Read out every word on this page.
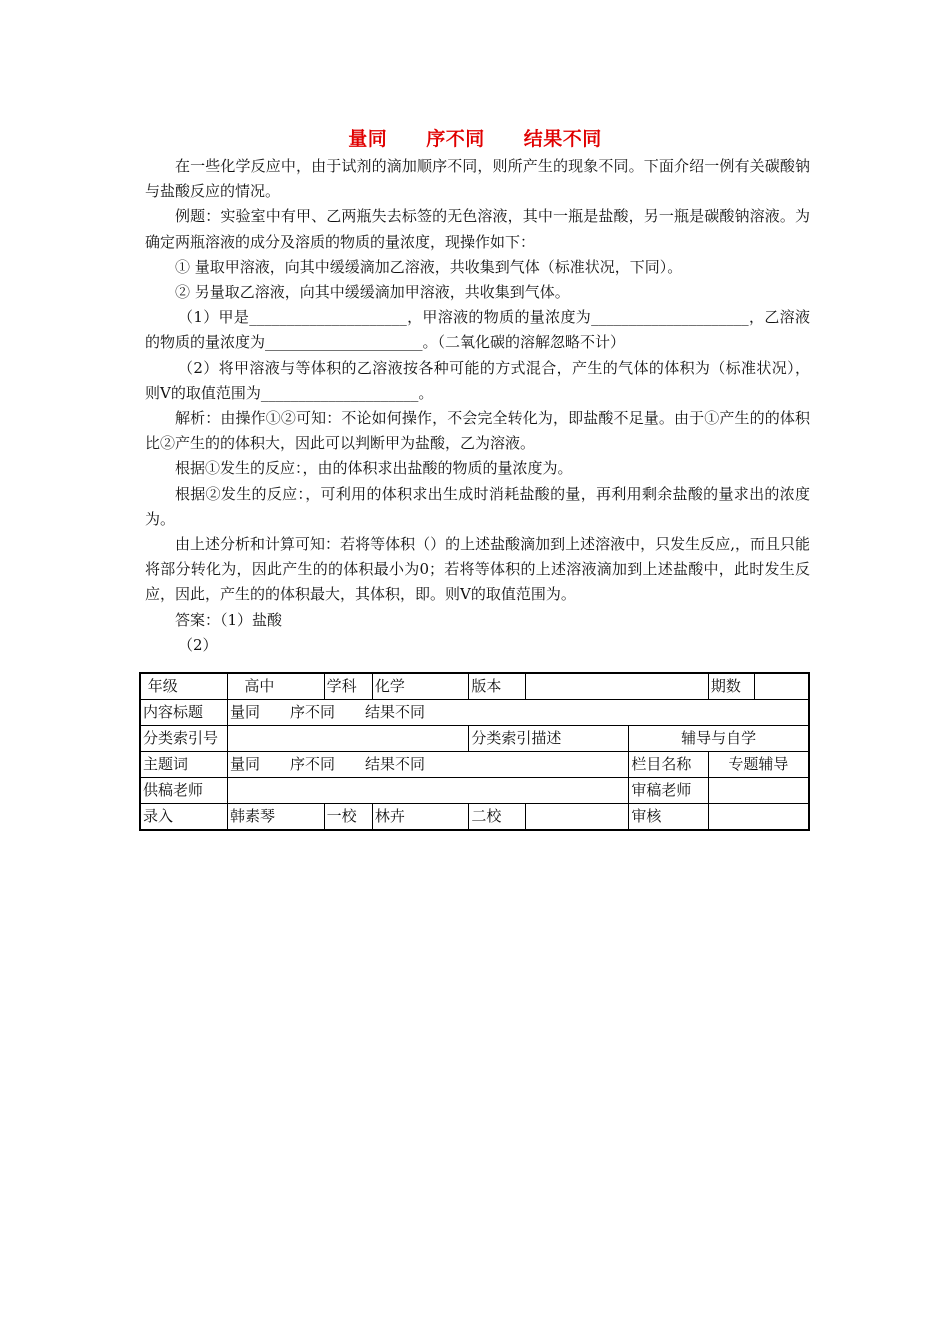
量同　　序不同　　结果不同

在一些化学反应中，由于试剂的滴加顺序不同，则所产生的现象不同。下面介绍一例有关碳酸钠与盐酸反应的情况。

例题：实验室中有甲、乙两瓶失去标签的无色溶液，其中一瓶是盐酸，另一瓶是碳酸钠溶液。为确定两瓶溶液的成分及溶质的物质的量浓度，现操作如下：

① 量取甲溶液，向其中缓缓滴加乙溶液，共收集到气体（标准状况，下同）。

② 另量取乙溶液，向其中缓缓滴加甲溶液，共收集到气体。

（1）甲是_____________________，甲溶液的物质的量浓度为_____________________，乙溶液的物质的量浓度为_____________________。（二氧化碳的溶解忽略不计）

（2）将甲溶液与等体积的乙溶液按各种可能的方式混合，产生的气体的体积为（标准状况），则V的取值范围为_____________________。

解析：由操作①②可知：不论如何操作，不会完全转化为，即盐酸不足量。由于①产生的的体积比②产生的的体积大，因此可以判断甲为盐酸，乙为溶液。

根据①发生的反应：，由的体积求出盐酸的物质的量浓度为。

根据②发生的反应：，可利用的体积求出生成时消耗盐酸的量，再利用剩余盐酸的量求出的浓度为。

由上述分析和计算可知：若将等体积（）的上述盐酸滴加到上述溶液中，只发生反应,，而且只能将部分转化为，因此产生的的体积最小为0；若将等体积的上述溶液滴加到上述盐酸中，此时发生反应，因此，产生的的体积最大，其体积，即。则V的取值范围为。

答案：（1）盐酸

（2）

年级	高中	学科	化学	版本			期数	
内容标题	量同　　序不同　　结果不同							
分类索引号				分类索引描述		辅导与自学		
主题词	量同　　序不同　　结果不同					栏目名称	专题辅导	
供稿老师						审稿老师		
录入	韩素琴	一校	林卉	二校		审核		
